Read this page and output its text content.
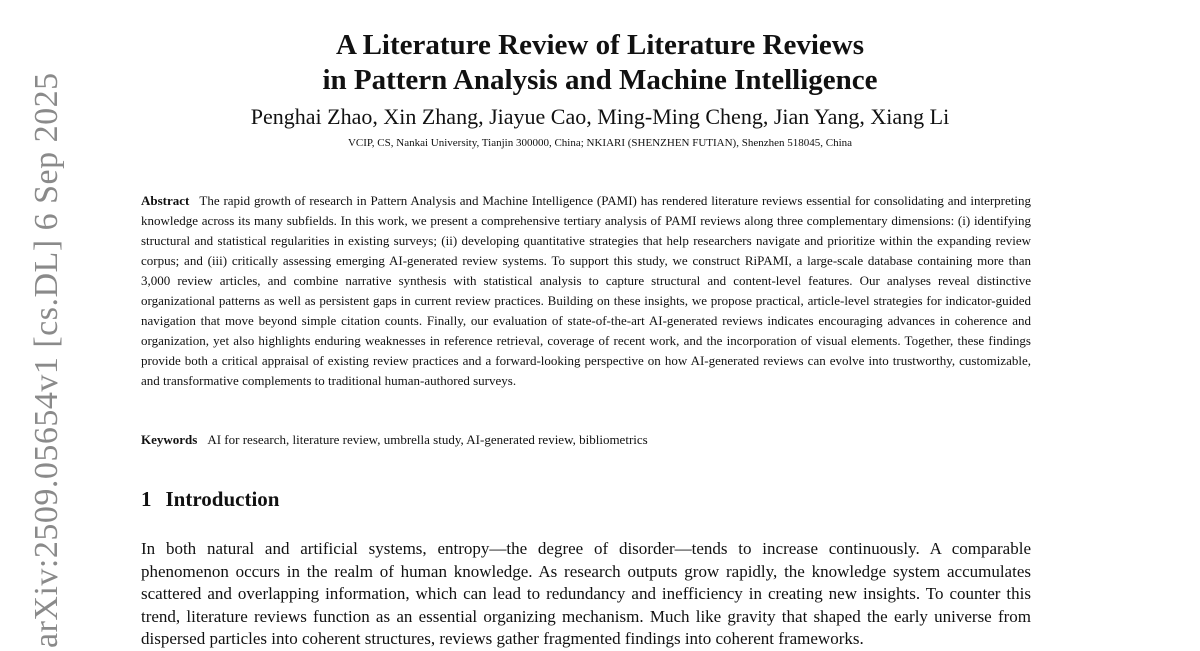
arXiv:2509.05654v1 [cs.DL] 6 Sep 2025
A Literature Review of Literature Reviews
in Pattern Analysis and Machine Intelligence
Penghai Zhao, Xin Zhang, Jiayue Cao, Ming-Ming Cheng, Jian Yang, Xiang Li
VCIP, CS, Nankai University, Tianjin 300000, China; NKIARI (SHENZHEN FUTIAN), Shenzhen 518045, China
Abstract The rapid growth of research in Pattern Analysis and Machine Intelligence (PAMI) has rendered literature reviews essential for consolidating and interpreting knowledge across its many subfields. In this work, we present a comprehensive tertiary analysis of PAMI reviews along three complementary dimensions: (i) identifying structural and statistical regularities in existing surveys; (ii) developing quantitative strategies that help researchers navigate and prioritize within the expanding review corpus; and (iii) critically assessing emerging AI-generated review systems. To support this study, we construct RiPAMI, a large-scale database containing more than 3,000 review articles, and combine narrative synthesis with statistical analysis to capture structural and content-level features. Our analyses reveal distinctive organizational patterns as well as persistent gaps in current review practices. Building on these insights, we propose practical, article-level strategies for indicator-guided navigation that move beyond simple citation counts. Finally, our evaluation of state-of-the-art AI-generated reviews indicates encouraging advances in coherence and organization, yet also highlights enduring weaknesses in reference retrieval, coverage of recent work, and the incorporation of visual elements. Together, these findings provide both a critical appraisal of existing review practices and a forward-looking perspective on how AI-generated reviews can evolve into trustworthy, customizable, and transformative complements to traditional human-authored surveys.
Keywords AI for research, literature review, umbrella study, AI-generated review, bibliometrics
1 Introduction
In both natural and artificial systems, entropy—the degree of disorder—tends to increase continuously. A comparable phenomenon occurs in the realm of human knowledge. As research outputs grow rapidly, the knowledge system accumulates scattered and overlapping information, which can lead to redundancy and inefficiency in creating new insights. To counter this trend, literature reviews function as an essential organizing mechanism. Much like gravity that shaped the early universe from dispersed particles into coherent structures, reviews gather fragmented findings into coherent frameworks.
